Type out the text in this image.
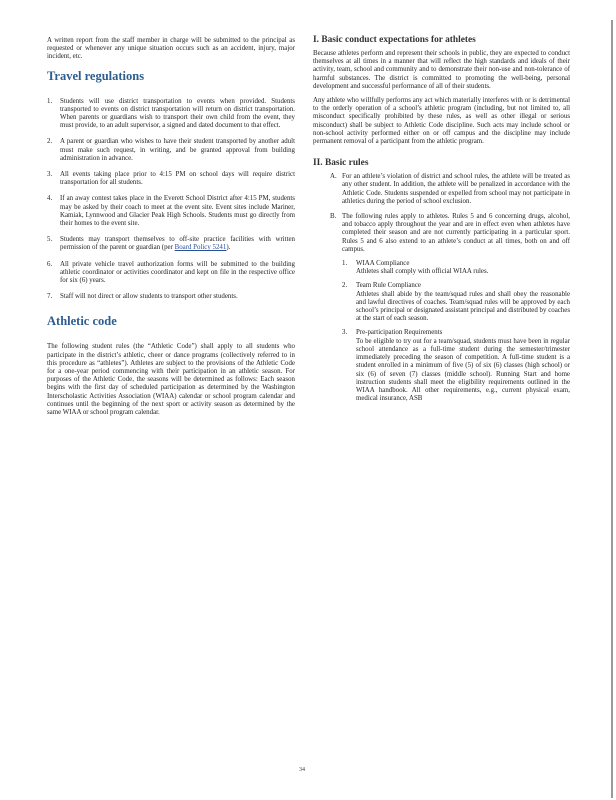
A written report from the staff member in charge will be submitted to the principal as requested or whenever any unique situation occurs such as an accident, injury, major incident, etc.

Travel regulations
1. Students will use district transportation to events when provided. Students transported to events on district transportation will return on district transportation. When parents or guardians wish to transport their own child from the event, they must provide, to an adult supervisor, a signed and dated document to that effect.
2. A parent or guardian who wishes to have their student transported by another adult must make such request, in writing, and be granted approval from building administration in advance.
3. All events taking place prior to 4:15 PM on school days will require district transportation for all students.
4. If an away contest takes place in the Everett School District after 4:15 PM, students may be asked by their coach to meet at the event site. Event sites include Mariner, Kamiak, Lynnwood and Glacier Peak High Schools. Students must go directly from their homes to the event site.
5. Students may transport themselves to off-site practice facilities with written permission of the parent or guardian (per Board Policy 5241).
6. All private vehicle travel authorization forms will be submitted to the building athletic coordinator or activities coordinator and kept on file in the respective office for six (6) years.
7. Staff will not direct or allow students to transport other students.
Athletic code

The following student rules (the “Athletic Code”) shall apply to all students who participate in the district’s athletic, cheer or dance programs (collectively referred to in this procedure as “athletes”). Athletes are subject to the provisions of the Athletic Code for a one-year period commencing with their participation in an athletic season. For purposes of the Athletic Code, the seasons will be determined as follows: Each season begins with the first day of scheduled participation as determined by the Washington Interscholastic Activities Association (WIAA) calendar or school program calendar and continues until the beginning of the next sport or activity season as determined by the same WIAA or school program calendar.

I. Basic conduct expectations for athletes

Because athletes perform and represent their schools in public, they are expected to conduct themselves at all times in a manner that will reflect the high standards and ideals of their activity, team, school and community and to demonstrate their non-use and non-tolerance of harmful substances. The district is committed to promoting the well-being, personal development and successful performance of all of their students.

Any athlete who willfully performs any act which materially interferes with or is detrimental to the orderly operation of a school’s athletic program (including, but not limited to, all misconduct specifically prohibited by these rules, as well as other illegal or serious misconduct) shall be subject to Athletic Code discipline. Such acts may include school or non-school activity performed either on or off campus and the discipline may include permanent removal of a participant from the athletic program.

II. Basic rules
A. For an athlete’s violation of district and school rules, the athlete will be treated as any other student. In addition, the athlete will be penalized in accordance with the Athletic Code. Students suspended or expelled from school may not participate in athletics during the period of school exclusion.
B. The following rules apply to athletes. Rules 5 and 6 concerning drugs, alcohol, and tobacco apply throughout the year and are in effect even when athletes have completed their season and are not currently participating in a particular sport. Rules 5 and 6 also extend to an athlete’s conduct at all times, both on and off campus.
1. WIAA Compliance
Athletes shall comply with official WIAA rules.
2. Team Rule Compliance
Athletes shall abide by the team/squad rules and shall obey the reasonable and lawful directives of coaches. Team/squad rules will be approved by each school’s principal or designated assistant principal and distributed by coaches at the start of each season.
3. Pre-participation Requirements
To be eligible to try out for a team/squad, students must have been in regular school attendance as a full-time student during the semester/trimester immediately preceding the season of competition. A full-time student is a student enrolled in a minimum of five (5) of six (6) classes (high school) or six (6) of seven (7) classes (middle school). Running Start and home instruction students shall meet the eligibility requirements outlined in the WIAA handbook. All other requirements, e.g., current physical exam, medical insurance, ASB
34
